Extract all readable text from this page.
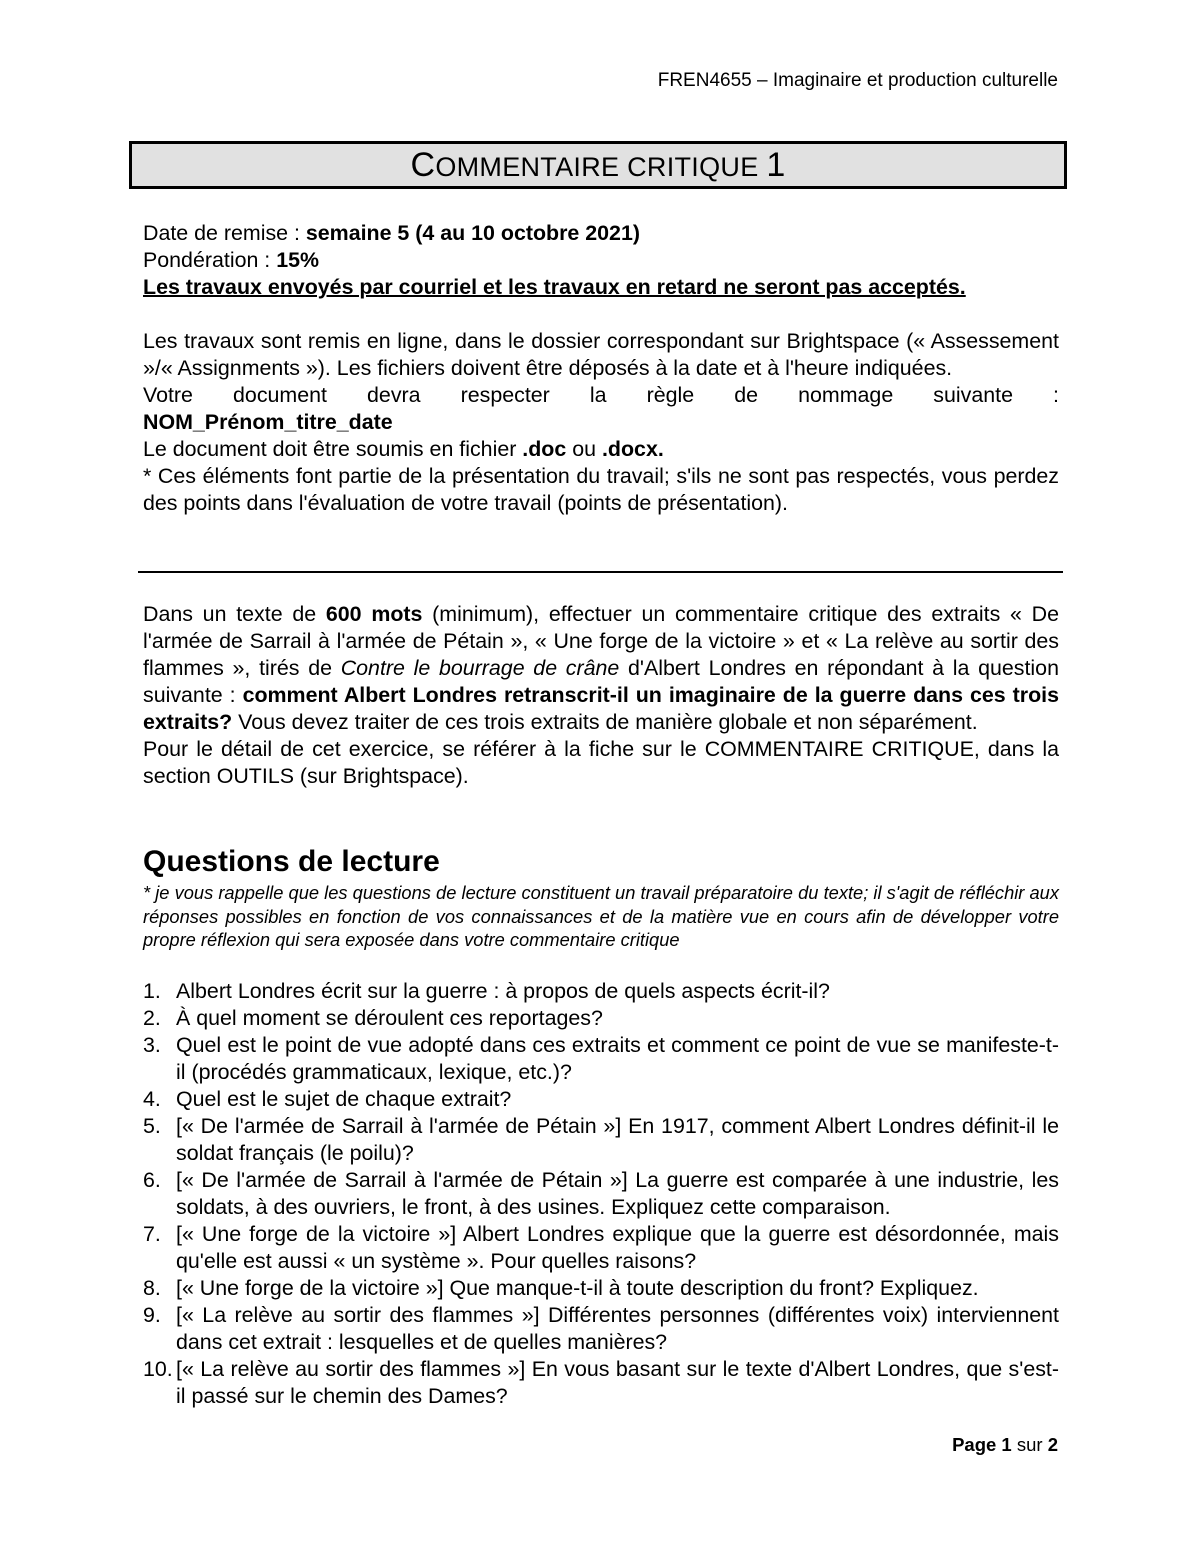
FREN4655 – Imaginaire et production culturelle
COMMENTAIRE CRITIQUE 1

Date de remise : semaine 5 (4 au 10 octobre 2021)

Pondération : 15%

Les travaux envoyés par courriel et les travaux en retard ne seront pas acceptés.

Les travaux sont remis en ligne, dans le dossier correspondant sur Brightspace (« Assessement »/« Assignments »). Les fichiers doivent être déposés à la date et à l'heure indiquées.

Votre document devra respecter la règle de nommage suivante :

NOM_Prénom_titre_date

Le document doit être soumis en fichier .doc ou .docx.

* Ces éléments font partie de la présentation du travail; s'ils ne sont pas respectés, vous perdez des points dans l'évaluation de votre travail (points de présentation).

Dans un texte de 600 mots (minimum), effectuer un commentaire critique des extraits « De l'armée de Sarrail à l'armée de Pétain », « Une forge de la victoire » et « La relève au sortir des flammes », tirés de Contre le bourrage de crâne d'Albert Londres en répondant à la question suivante : comment Albert Londres retranscrit-il un imaginaire de la guerre dans ces trois extraits? Vous devez traiter de ces trois extraits de manière globale et non séparément.

Pour le détail de cet exercice, se référer à la fiche sur le COMMENTAIRE CRITIQUE, dans la section OUTILS (sur Brightspace).

Questions de lecture
* je vous rappelle que les questions de lecture constituent un travail préparatoire du texte; il s'agit de réfléchir aux réponses possibles en fonction de vos connaissances et de la matière vue en cours afin de développer votre propre réflexion qui sera exposée dans votre commentaire critique
1. Albert Londres écrit sur la guerre : à propos de quels aspects écrit-il?
2. À quel moment se déroulent ces reportages?
3. Quel est le point de vue adopté dans ces extraits et comment ce point de vue se manifeste-t-il (procédés grammaticaux, lexique, etc.)?
4. Quel est le sujet de chaque extrait?
5. [« De l'armée de Sarrail à l'armée de Pétain »] En 1917, comment Albert Londres définit-il le soldat français (le poilu)?
6. [« De l'armée de Sarrail à l'armée de Pétain »] La guerre est comparée à une industrie, les soldats, à des ouvriers, le front, à des usines. Expliquez cette comparaison.
7. [« Une forge de la victoire »] Albert Londres explique que la guerre est désordonnée, mais qu'elle est aussi « un système ». Pour quelles raisons?
8. [« Une forge de la victoire »] Que manque-t-il à toute description du front? Expliquez.
9. [« La relève au sortir des flammes »] Différentes personnes (différentes voix) interviennent dans cet extrait : lesquelles et de quelles manières?
10. [« La relève au sortir des flammes »] En vous basant sur le texte d'Albert Londres, que s'est-il passé sur le chemin des Dames?
Page 1 sur 2
